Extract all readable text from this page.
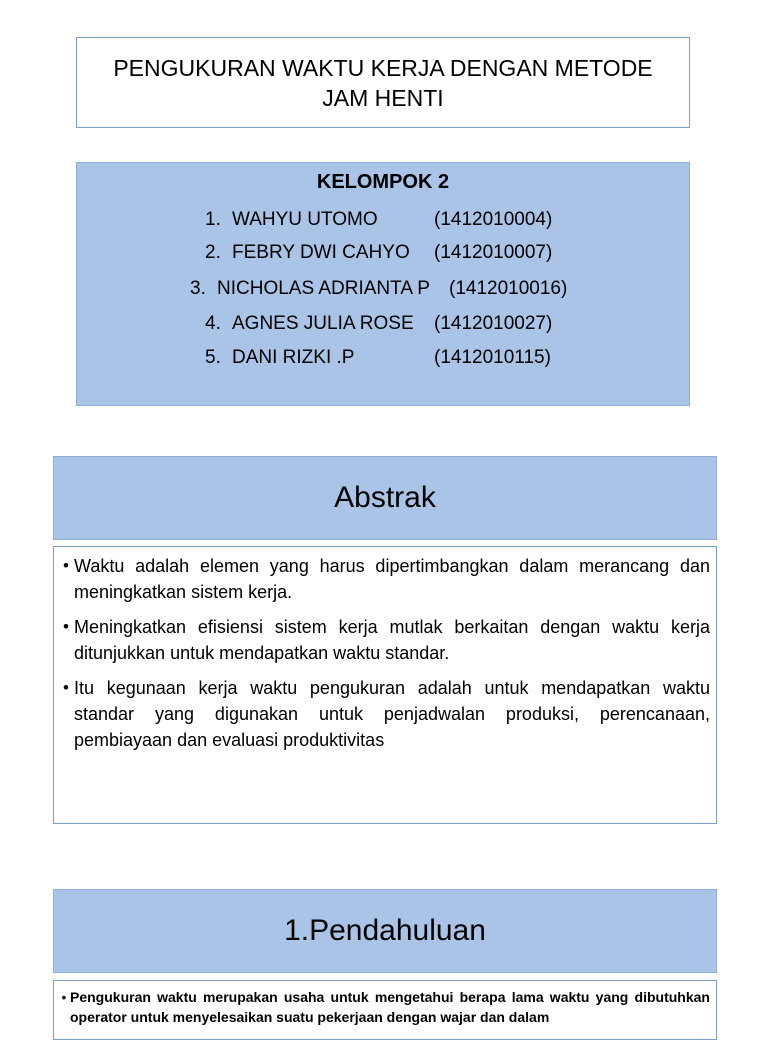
PENGUKURAN WAKTU KERJA DENGAN METODE JAM HENTI
KELOMPOK 2
1. WAHYU UTOMO	(1412010004)
2. FEBRY DWI CAHYO (1412010007)
3. NICHOLAS ADRIANTA P (1412010016)
4. AGNES JULIA ROSE (1412010027)
5. DANI RIZKI .P	(1412010115)
Abstrak
• Waktu adalah elemen yang harus dipertimbangkan dalam merancang dan meningkatkan sistem kerja.
• Meningkatkan efisiensi sistem kerja mutlak berkaitan dengan waktu kerja ditunjukkan untuk mendapatkan waktu standar.
• Itu kegunaan kerja waktu pengukuran adalah untuk mendapatkan waktu standar yang digunakan untuk penjadwalan produksi, perencanaan, pembiayaan dan evaluasi produktivitas
1.Pendahuluan
• Pengukuran waktu merupakan usaha untuk mengetahui berapa lama waktu yang dibutuhkan operator untuk menyelesaikan suatu pekerjaan dengan wajar dan dalam
